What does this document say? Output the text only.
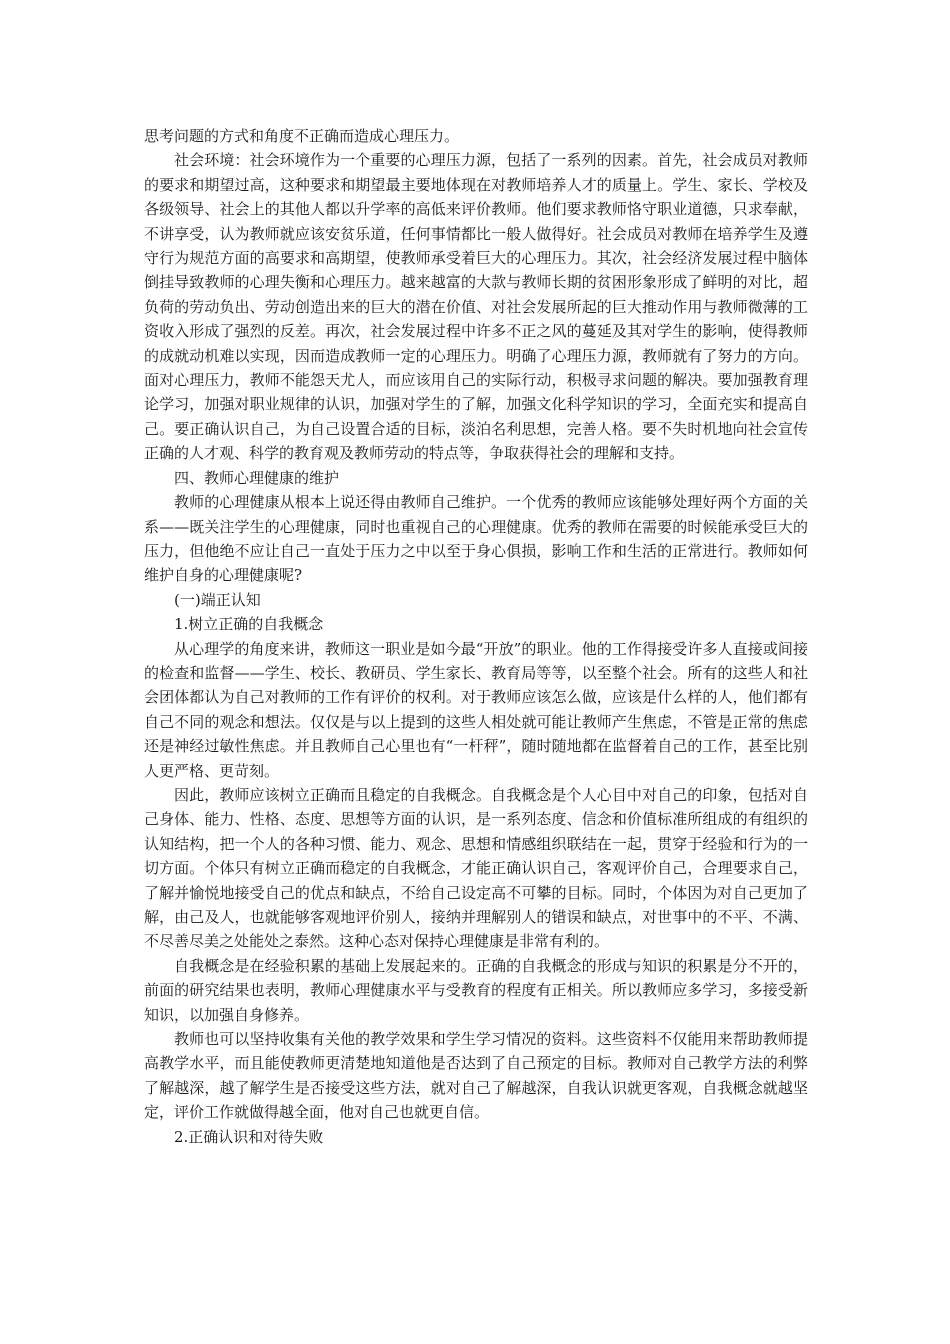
思考问题的方式和角度不正确而造成心理压力。

社会环境：社会环境作为一个重要的心理压力源，包括了一系列的因素。首先，社会成员对教师的要求和期望过高，这种要求和期望最主要地体现在对教师培养人才的质量上。学生、家长、学校及各级领导、社会上的其他人都以升学率的高低来评价教师。他们要求教师恪守职业道德，只求奉献，不讲享受，认为教师就应该安贫乐道，任何事情都比一般人做得好。社会成员对教师在培养学生及遵守行为规范方面的高要求和高期望，使教师承受着巨大的心理压力。其次，社会经济发展过程中脑体倒挂导致教师的心理失衡和心理压力。越来越富的大款与教师长期的贫困形象形成了鲜明的对比，超负荷的劳动负出、劳动创造出来的巨大的潜在价值、对社会发展所起的巨大推动作用与教师微薄的工资收入形成了强烈的反差。再次，社会发展过程中许多不正之风的蔓延及其对学生的影响，使得教师的成就动机难以实现，因而造成教师一定的心理压力。明确了心理压力源，教师就有了努力的方向。面对心理压力，教师不能怨天尤人，而应该用自己的实际行动，积极寻求问题的解决。要加强教育理论学习，加强对职业规律的认识，加强对学生的了解，加强文化科学知识的学习，全面充实和提高自己。要正确认识自己，为自己设置合适的目标，淡泊名利思想，完善人格。要不失时机地向社会宣传正确的人才观、科学的教育观及教师劳动的特点等，争取获得社会的理解和支持。

四、教师心理健康的维护

教师的心理健康从根本上说还得由教师自己维护。一个优秀的教师应该能够处理好两个方面的关系——既关注学生的心理健康，同时也重视自己的心理健康。优秀的教师在需要的时候能承受巨大的压力，但他绝不应让自己一直处于压力之中以至于身心俱损，影响工作和生活的正常进行。教师如何维护自身的心理健康呢?

(一)端正认知

1.树立正确的自我概念

从心理学的角度来讲，教师这一职业是如今最“开放”的职业。他的工作得接受许多人直接或间接的检查和监督——学生、校长、教研员、学生家长、教育局等等，以至整个社会。所有的这些人和社会团体都认为自己对教师的工作有评价的权利。对于教师应该怎么做，应该是什么样的人，他们都有自己不同的观念和想法。仅仅是与以上提到的这些人相处就可能让教师产生焦虑，不管是正常的焦虑还是神经过敏性焦虑。并且教师自己心里也有“一杆秤”，随时随地都在监督着自己的工作，甚至比别人更严格、更苛刻。

因此，教师应该树立正确而且稳定的自我概念。自我概念是个人心目中对自己的印象，包括对自己身体、能力、性格、态度、思想等方面的认识，是一系列态度、信念和价值标准所组成的有组织的认知结构，把一个人的各种习惯、能力、观念、思想和情感组织联结在一起，贯穿于经验和行为的一切方面。个体只有树立正确而稳定的自我概念，才能正确认识自己，客观评价自己，合理要求自己，了解并愉悦地接受自己的优点和缺点，不给自己设定高不可攀的目标。同时，个体因为对自己更加了解，由己及人，也就能够客观地评价别人，接纳并理解别人的错误和缺点，对世事中的不平、不满、不尽善尽美之处能处之泰然。这种心态对保持心理健康是非常有利的。

自我概念是在经验积累的基础上发展起来的。正确的自我概念的形成与知识的积累是分不开的，前面的研究结果也表明，教师心理健康水平与受教育的程度有正相关。所以教师应多学习，多接受新知识，以加强自身修养。

教师也可以坚持收集有关他的教学效果和学生学习情况的资料。这些资料不仅能用来帮助教师提高教学水平，而且能使教师更清楚地知道他是否达到了自己预定的目标。教师对自己教学方法的利弊了解越深，越了解学生是否接受这些方法，就对自己了解越深，自我认识就更客观，自我概念就越坚定，评价工作就做得越全面，他对自己也就更自信。

2.正确认识和对待失败
